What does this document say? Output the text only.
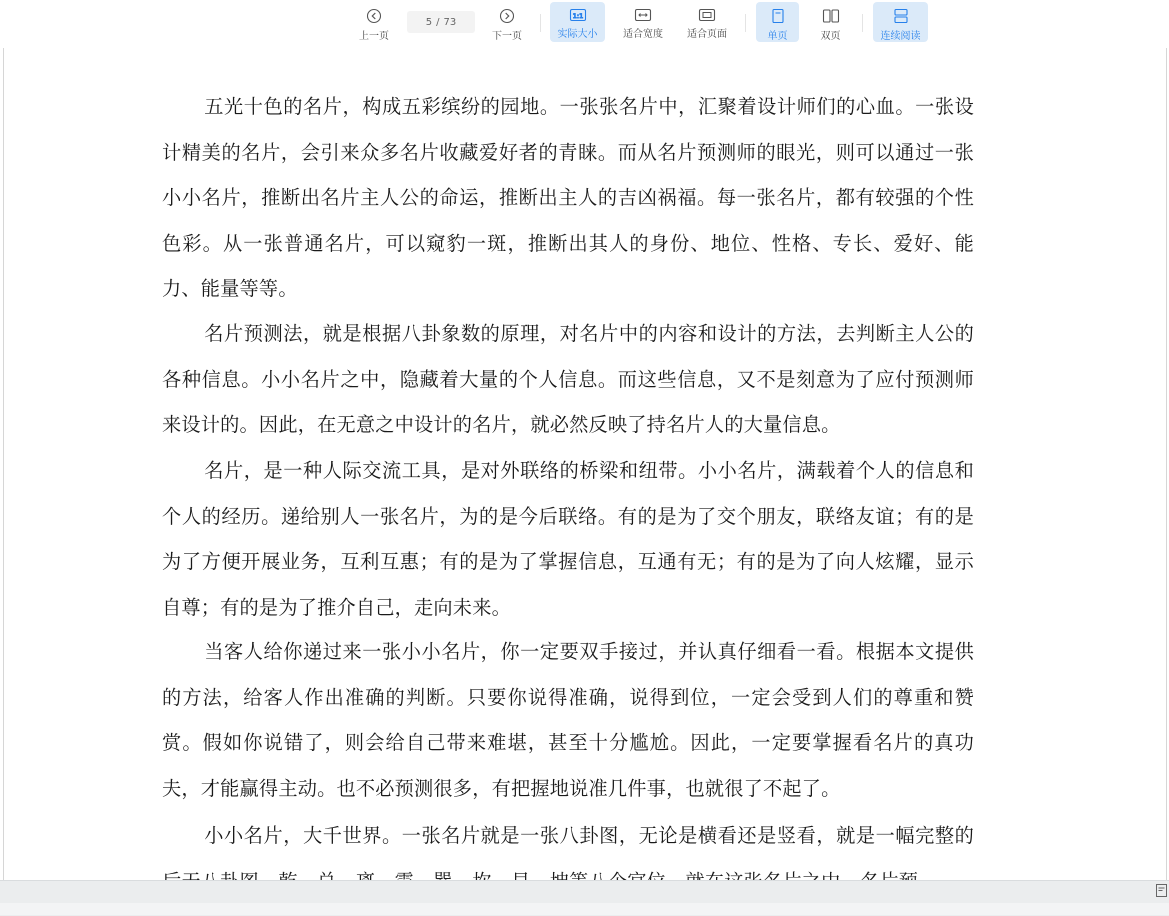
上一页
5 / 73
下一页
1:1
实际大小	适合宽度 适合页面	单页	双页	连续阅读

五光十色的名片，构成五彩缤纷的园地。一张张名片中，汇聚着设计师们的心血。一张设计精美的名片，会引来众多名片收藏爱好者的青睐。而从名片预测师的眼光，则可以通过一张小小名片，推断出名片主人公的命运，推断出主人的吉凶祸福。每一张名片，都有较强的个性色彩。从一张普通名片，可以窥豹一斑，推断出其人的身份、地位、性格、专长、爱好、能力、能量等等。

名片预测法，就是根据八卦象数的原理，对名片中的内容和设计的方法，去判断主人公的各种信息。小小名片之中，隐藏着大量的个人信息。而这些信息，又不是刻意为了应付预测师来设计的。因此，在无意之中设计的名片，就必然反映了持名片人的大量信息。

名片，是一种人际交流工具，是对外联络的桥梁和纽带。小小名片，满载着个人的信息和个人的经历。递给别人一张名片，为的是今后联络。有的是为了交个朋友，联络友谊；有的是为了方便开展业务，互利互惠；有的是为了掌握信息，互通有无；有的是为了向人炫耀，显示自尊；有的是为了推介自己，走向未来。

当客人给你递过来一张小小名片，你一定要双手接过，并认真仔细看一看。根据本文提供的方法，给客人作出准确的判断。只要你说得准确，说得到位，一定会受到人们的尊重和赞赏。假如你说错了，则会给自己带来难堪，甚至十分尴尬。因此，一定要掌握看名片的真功夫，才能赢得主动。也不必预测很多，有把握地说准几件事，也就很了不起了。

小小名片，大千世界。一张名片就是一张八卦图，无论是横看还是竖看，就是一幅完整的
